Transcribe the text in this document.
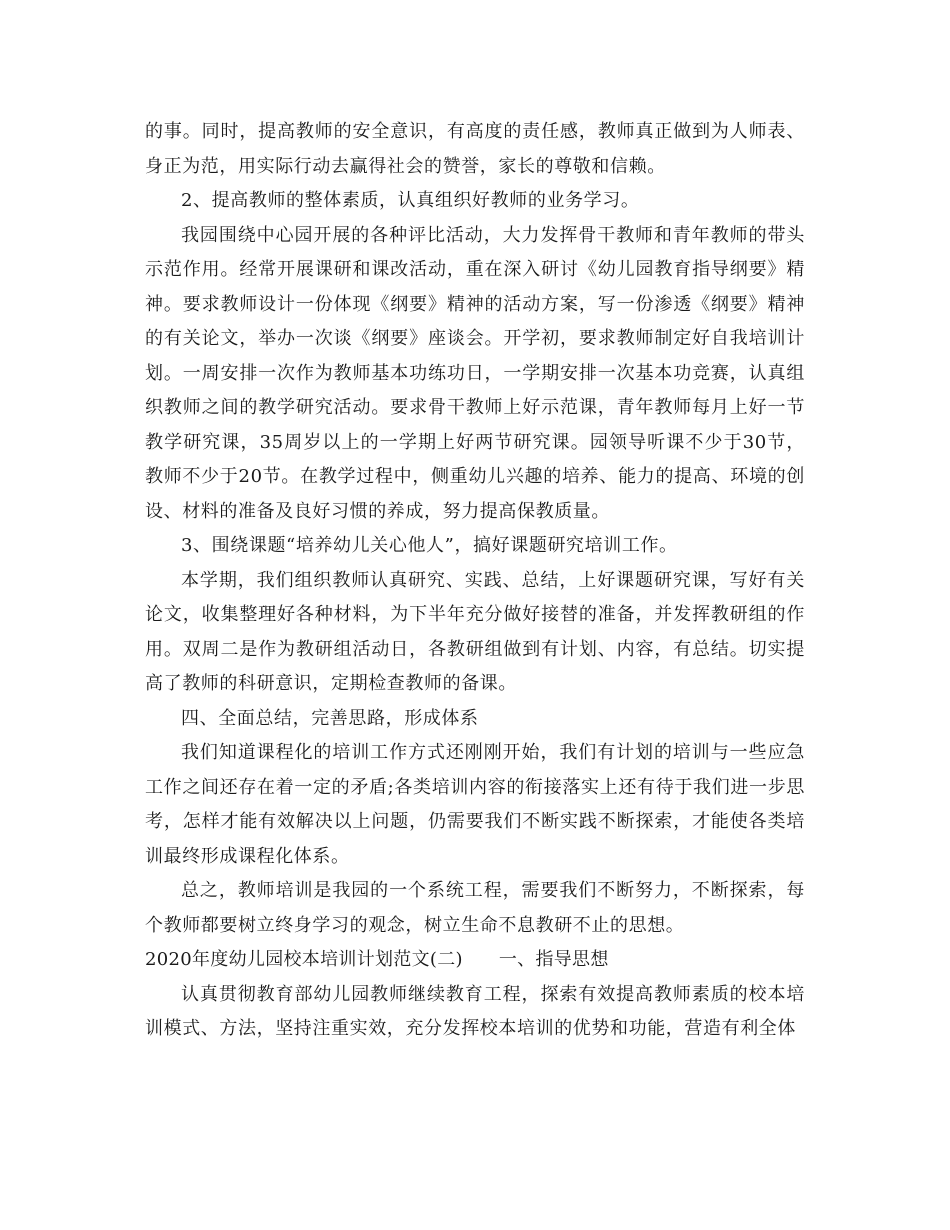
的事。同时，提高教师的安全意识，有高度的责任感，教师真正做到为人师表、身正为范，用实际行动去赢得社会的赞誉，家长的尊敬和信赖。

2、提高教师的整体素质，认真组织好教师的业务学习。

我园围绕中心园开展的各种评比活动，大力发挥骨干教师和青年教师的带头示范作用。经常开展课研和课改活动，重在深入研讨《幼儿园教育指导纲要》精神。要求教师设计一份体现《纲要》精神的活动方案，写一份渗透《纲要》精神的有关论文，举办一次谈《纲要》座谈会。开学初，要求教师制定好自我培训计划。一周安排一次作为教师基本功练功日，一学期安排一次基本功竞赛，认真组织教师之间的教学研究活动。要求骨干教师上好示范课，青年教师每月上好一节教学研究课，35周岁以上的一学期上好两节研究课。园领导听课不少于30节，教师不少于20节。在教学过程中，侧重幼儿兴趣的培养、能力的提高、环境的创设、材料的准备及良好习惯的养成，努力提高保教质量。

3、围绕课题“培养幼儿关心他人”，搞好课题研究培训工作。

本学期，我们组织教师认真研究、实践、总结，上好课题研究课，写好有关论文，收集整理好各种材料，为下半年充分做好接替的准备，并发挥教研组的作用。双周二是作为教研组活动日，各教研组做到有计划、内容，有总结。切实提高了教师的科研意识，定期检查教师的备课。

四、全面总结，完善思路，形成体系

我们知道课程化的培训工作方式还刚刚开始，我们有计划的培训与一些应急工作之间还存在着一定的矛盾;各类培训内容的衔接落实上还有待于我们进一步思考，怎样才能有效解决以上问题，仍需要我们不断实践不断探索，才能使各类培训最终形成课程化体系。

总之，教师培训是我园的一个系统工程，需要我们不断努力，不断探索，每个教师都要树立终身学习的观念，树立生命不息教研不止的思想。

2020年度幼儿园校本培训计划范文(二) 一、指导思想

认真贯彻教育部幼儿园教师继续教育工程，探索有效提高教师素质的校本培训模式、方法，坚持注重实效，充分发挥校本培训的优势和功能，营造有利全体
